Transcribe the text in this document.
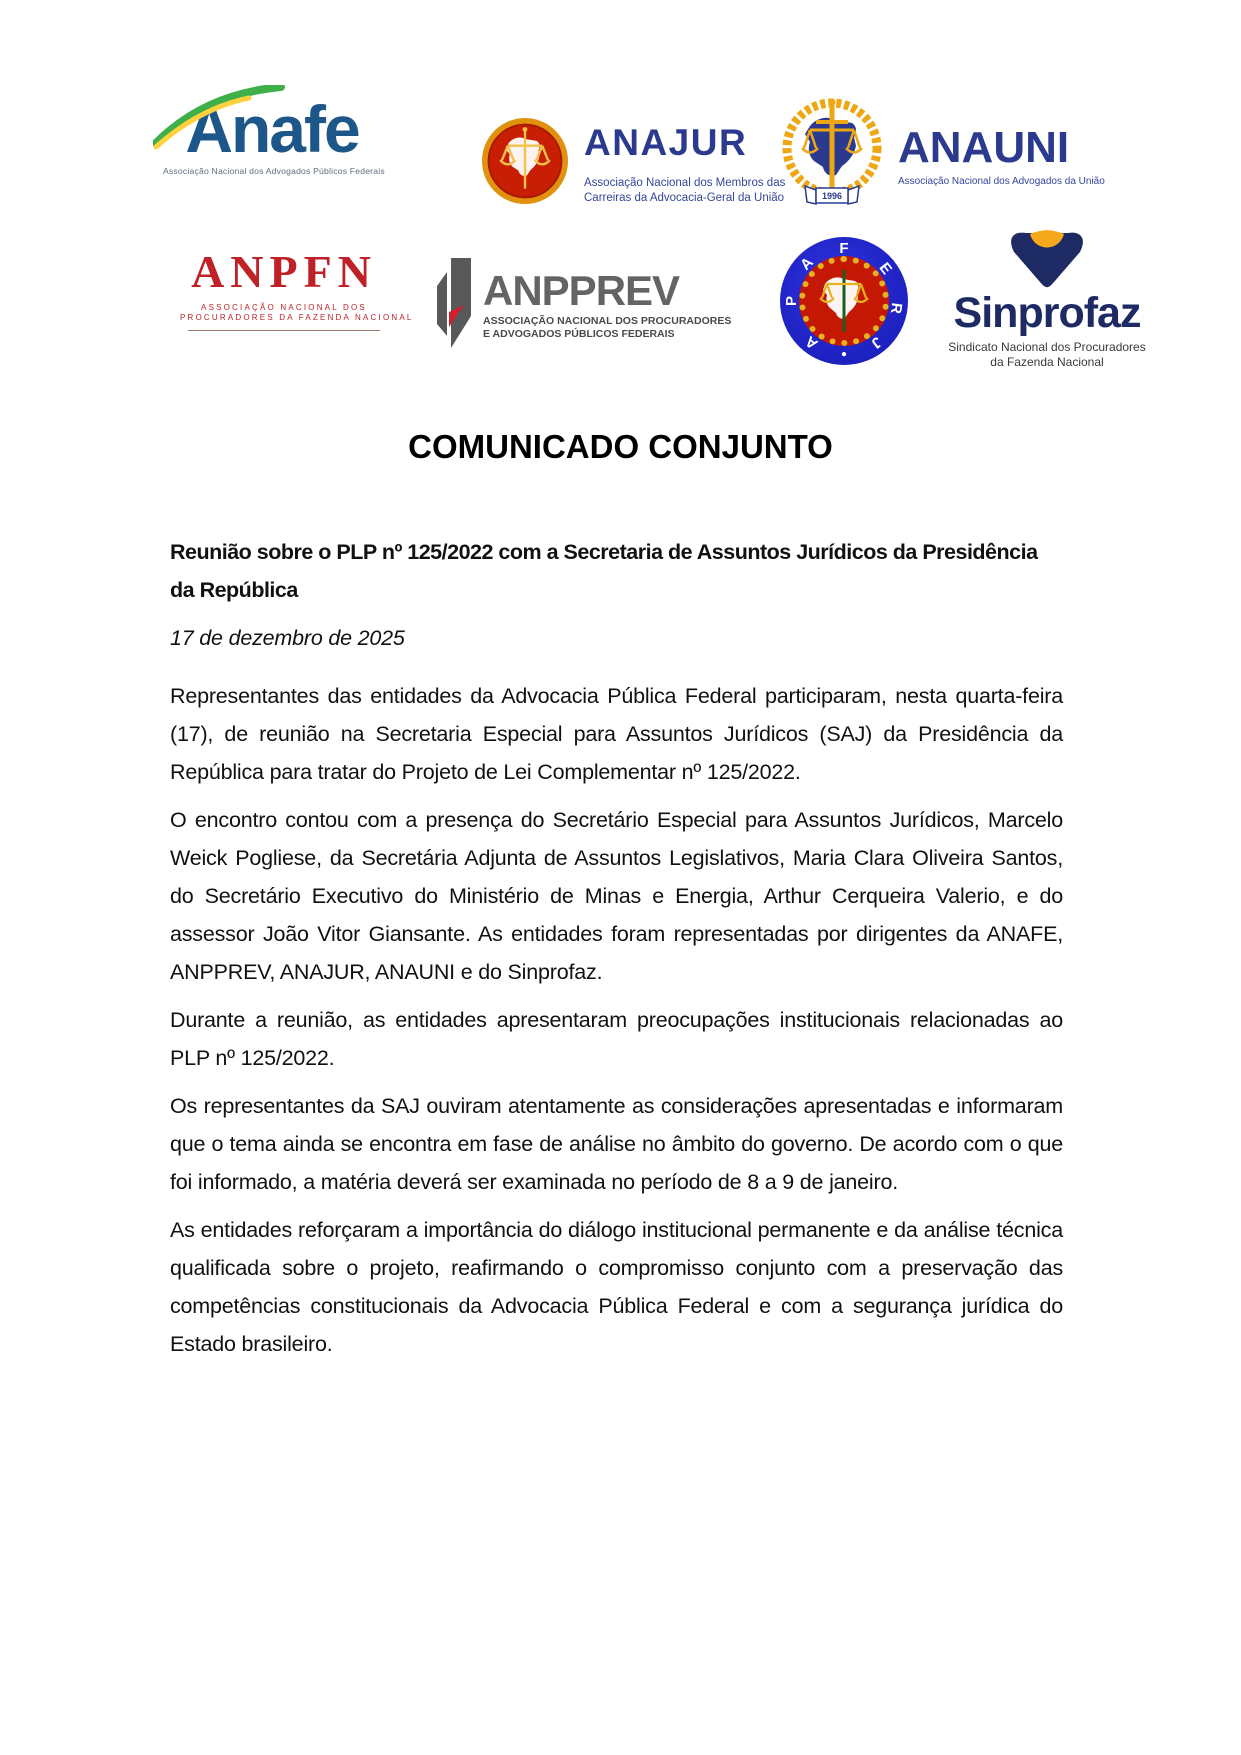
Anafe
Associação Nacional dos Advogados Públicos Federais
ANAJUR
Associação Nacional dos Membros das
Carreiras da Advocacia-Geral da União	1996
ANAUNI
Associação Nacional dos Advogados da União
ANPFN
ASSOCIAÇÃO NACIONAL DOS
PROCURADORES DA FAZENDA NACIONAL
ANPPREV
ASSOCIAÇÃO NACIONAL DOS PROCURADORES
E ADVOGADOS PÚBLICOS FEDERAIS
F
E
R
J
•
A
P
A
Sinprofaz
Sindicato Nacional dos Procuradores
da Fazenda Nacional
COMUNICADO CONJUNTO

Reunião sobre o PLP nº 125/2022 com a Secretaria de Assuntos Jurídicos da Presidência da República

17 de dezembro de 2025

Representantes das entidades da Advocacia Pública Federal participaram, nesta quarta-feira (17), de reunião na Secretaria Especial para Assuntos Jurídicos (SAJ) da Presidência da República para tratar do Projeto de Lei Complementar nº 125/2022.

O encontro contou com a presença do Secretário Especial para Assuntos Jurídicos, Marcelo Weick Pogliese, da Secretária Adjunta de Assuntos Legislativos, Maria Clara Oliveira Santos, do Secretário Executivo do Ministério de Minas e Energia, Arthur Cerqueira Valerio, e do assessor João Vitor Giansante. As entidades foram representadas por dirigentes da ANAFE, ANPPREV, ANAJUR, ANAUNI e do Sinprofaz.

Durante a reunião, as entidades apresentaram preocupações institucionais relacionadas ao PLP nº 125/2022.

Os representantes da SAJ ouviram atentamente as considerações apresentadas e informaram que o tema ainda se encontra em fase de análise no âmbito do governo. De acordo com o que foi informado, a matéria deverá ser examinada no período de 8 a 9 de janeiro.

As entidades reforçaram a importância do diálogo institucional permanente e da análise técnica qualificada sobre o projeto, reafirmando o compromisso conjunto com a preservação das competências constitucionais da Advocacia Pública Federal e com a segurança jurídica do Estado brasileiro.
